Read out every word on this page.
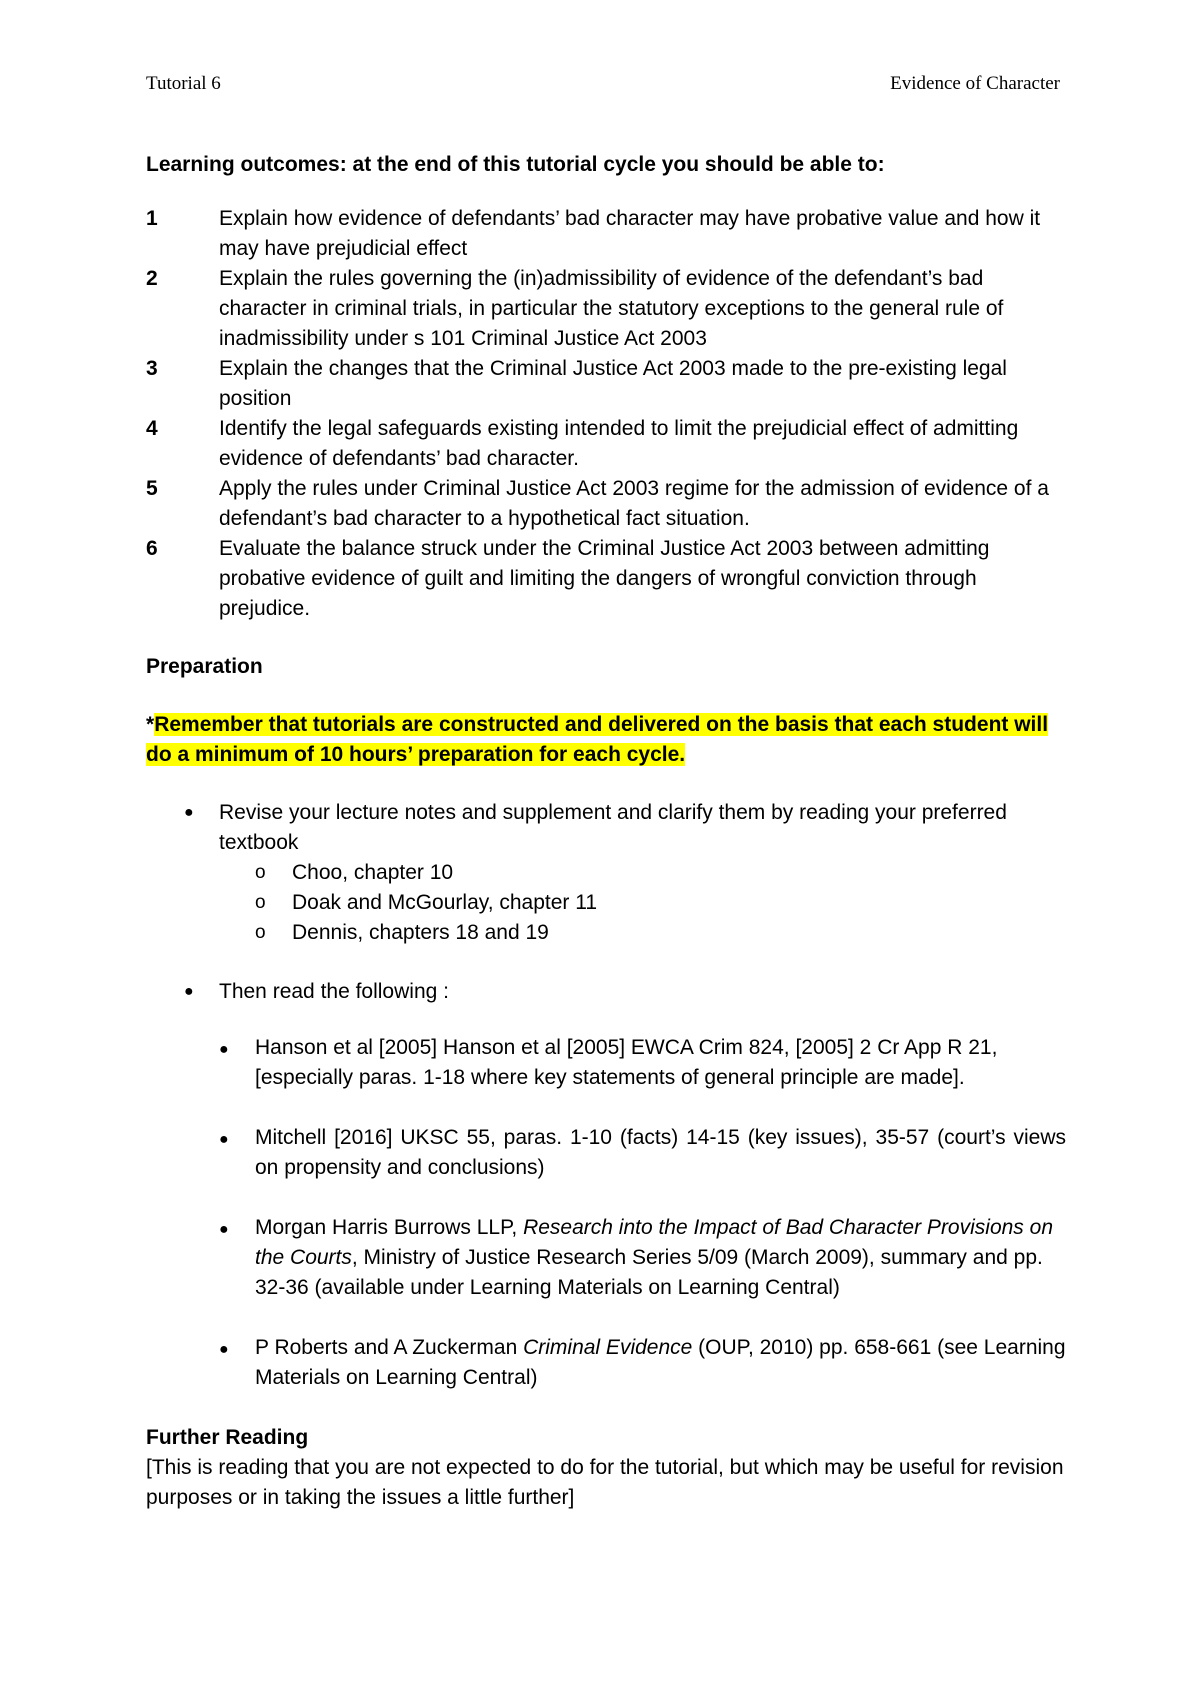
Tutorial 6	Evidence of Character

Learning outcomes: at the end of this tutorial cycle you should be able to:

1	Explain how evidence of defendants’ bad character may have probative value and how it may have prejudicial effect
2	Explain the rules governing the (in)admissibility of evidence of the defendant’s bad character in criminal trials, in particular the statutory exceptions to the general rule of inadmissibility under s 101 Criminal Justice Act 2003
3	Explain the changes that the Criminal Justice Act 2003 made to the pre-existing legal position
4	Identify the legal safeguards existing intended to limit the prejudicial effect of admitting evidence of defendants’ bad character.
5	Apply the rules under Criminal Justice Act 2003 regime for the admission of evidence of a defendant’s bad character to a hypothetical fact situation.
6	Evaluate the balance struck under the Criminal Justice Act 2003 between admitting probative evidence of guilt and limiting the dangers of wrongful conviction through prejudice.

Preparation

*Remember that tutorials are constructed and delivered on the basis that each student will do a minimum of 10 hours’ preparation for each cycle.

●	Revise your lecture notes and supplement and clarify them by reading your preferred textbook
o	Choo, chapter 10
o	Doak and McGourlay, chapter 11
o	Dennis, chapters 18 and 19
●	Then read the following :
●	Hanson et al [2005] Hanson et al [2005] EWCA Crim 824, [2005] 2 Cr App R 21, [especially paras. 1-18 where key statements of general principle are made].
●	Mitchell [2016] UKSC 55, paras. 1-10 (facts) 14-15 (key issues), 35-57 (court’s views on propensity and conclusions)
●	Morgan Harris Burrows LLP, Research into the Impact of Bad Character Provisions on the Courts, Ministry of Justice Research Series 5/09 (March 2009), summary and pp. 32-36 (available under Learning Materials on Learning Central)
●	P Roberts and A Zuckerman Criminal Evidence (OUP, 2010) pp. 658-661 (see Learning Materials on Learning Central)

Further Reading

[This is reading that you are not expected to do for the tutorial, but which may be useful for revision purposes or in taking the issues a little further]
